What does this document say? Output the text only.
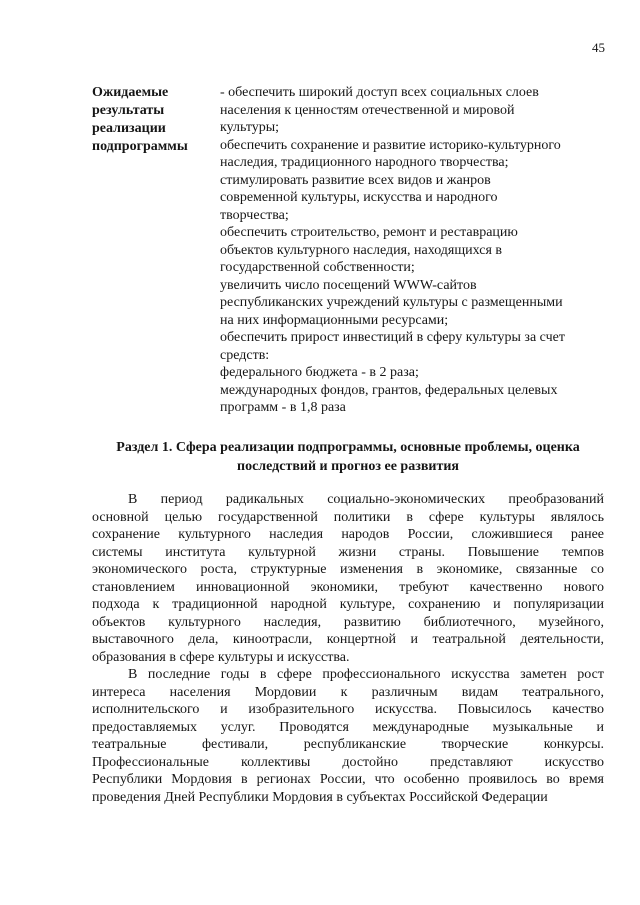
45
Ожидаемые
результаты
реализации
подпрограммы
- обеспечить широкий доступ всех социальных слоев
населения к ценностям отечественной и мировой
культуры;
обеспечить сохранение и развитие историко-культурного
наследия, традиционного народного творчества;
стимулировать развитие всех видов и жанров
современной культуры, искусства и народного
творчества;
обеспечить строительство, ремонт и реставрацию
объектов культурного наследия, находящихся в
государственной собственности;
увеличить число посещений WWW-сайтов
республиканских учреждений культуры с размещенными
на них информационными ресурсами;
обеспечить прирост инвестиций в сферу культуры за счет
средств:
федерального бюджета - в 2 раза;
международных фондов, грантов, федеральных целевых
программ - в 1,8 раза
Раздел 1. Сфера реализации подпрограммы, основные проблемы, оценка
последствий и прогноз ее развития
В период радикальных социально-экономических преобразований
основной целью государственной политики в сфере культуры являлось
сохранение культурного наследия народов России, сложившиеся ранее
системы института культурной жизни страны. Повышение темпов
экономического роста, структурные изменения в экономике, связанные со
становлением инновационной экономики, требуют качественно нового
подхода к традиционной народной культуре, сохранению и популяризации
объектов культурного наследия, развитию библиотечного, музейного,
выставочного дела, киноотрасли, концертной и театральной деятельности,
образования в сфере культуры и искусства.
В последние годы в сфере профессионального искусства заметен рост
интереса населения Мордовии к различным видам театрального,
исполнительского и изобразительного искусства. Повысилось качество
предоставляемых услуг. Проводятся международные музыкальные и
театральные фестивали, республиканские творческие конкурсы.
Профессиональные коллективы достойно представляют искусство
Республики Мордовия в регионах России, что особенно проявилось во время
проведения Дней Республики Мордовия в субъектах Российской Федерации
